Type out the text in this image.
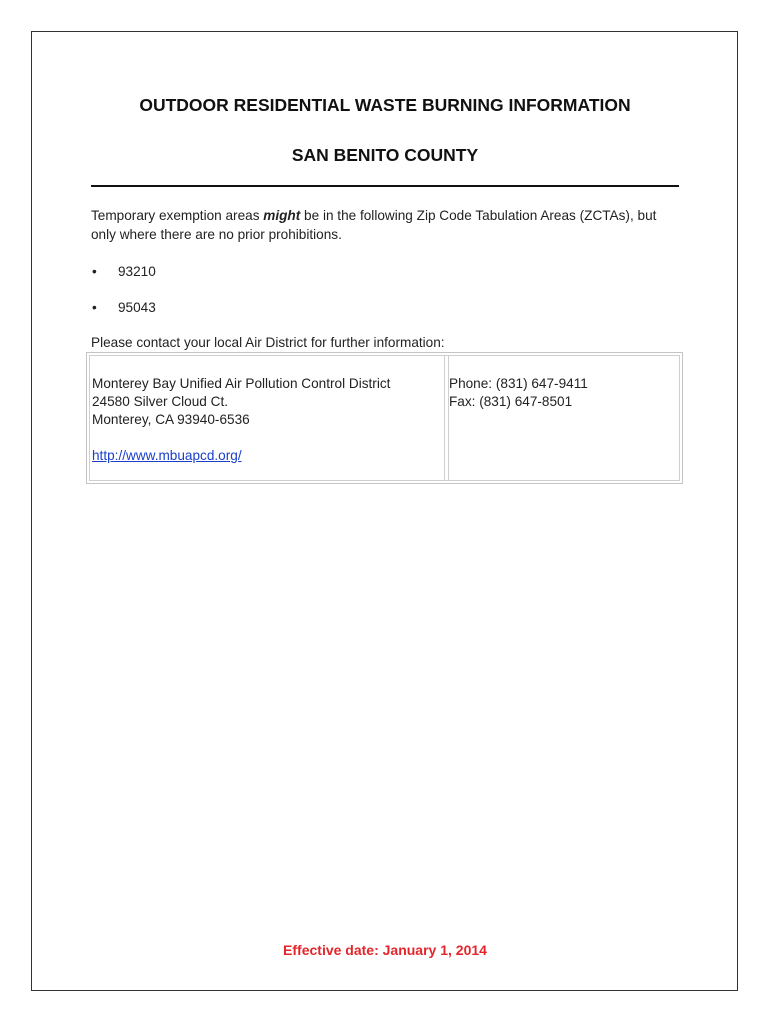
OUTDOOR RESIDENTIAL WASTE BURNING INFORMATION
SAN BENITO COUNTY

Temporary exemption areas might be in the following Zip Code Tabulation Areas (ZCTAs), but only where there are no prior prohibitions.

• 93210
• 95043

Please contact your local Air District for further information:

Monterey Bay Unified Air Pollution Control District
24580 Silver Cloud Ct.
Monterey, CA 93940-6536
http://www.mbuapcd.org/
Phone: (831) 647-9411
Fax: (831) 647-8501
Effective date: January 1, 2014
